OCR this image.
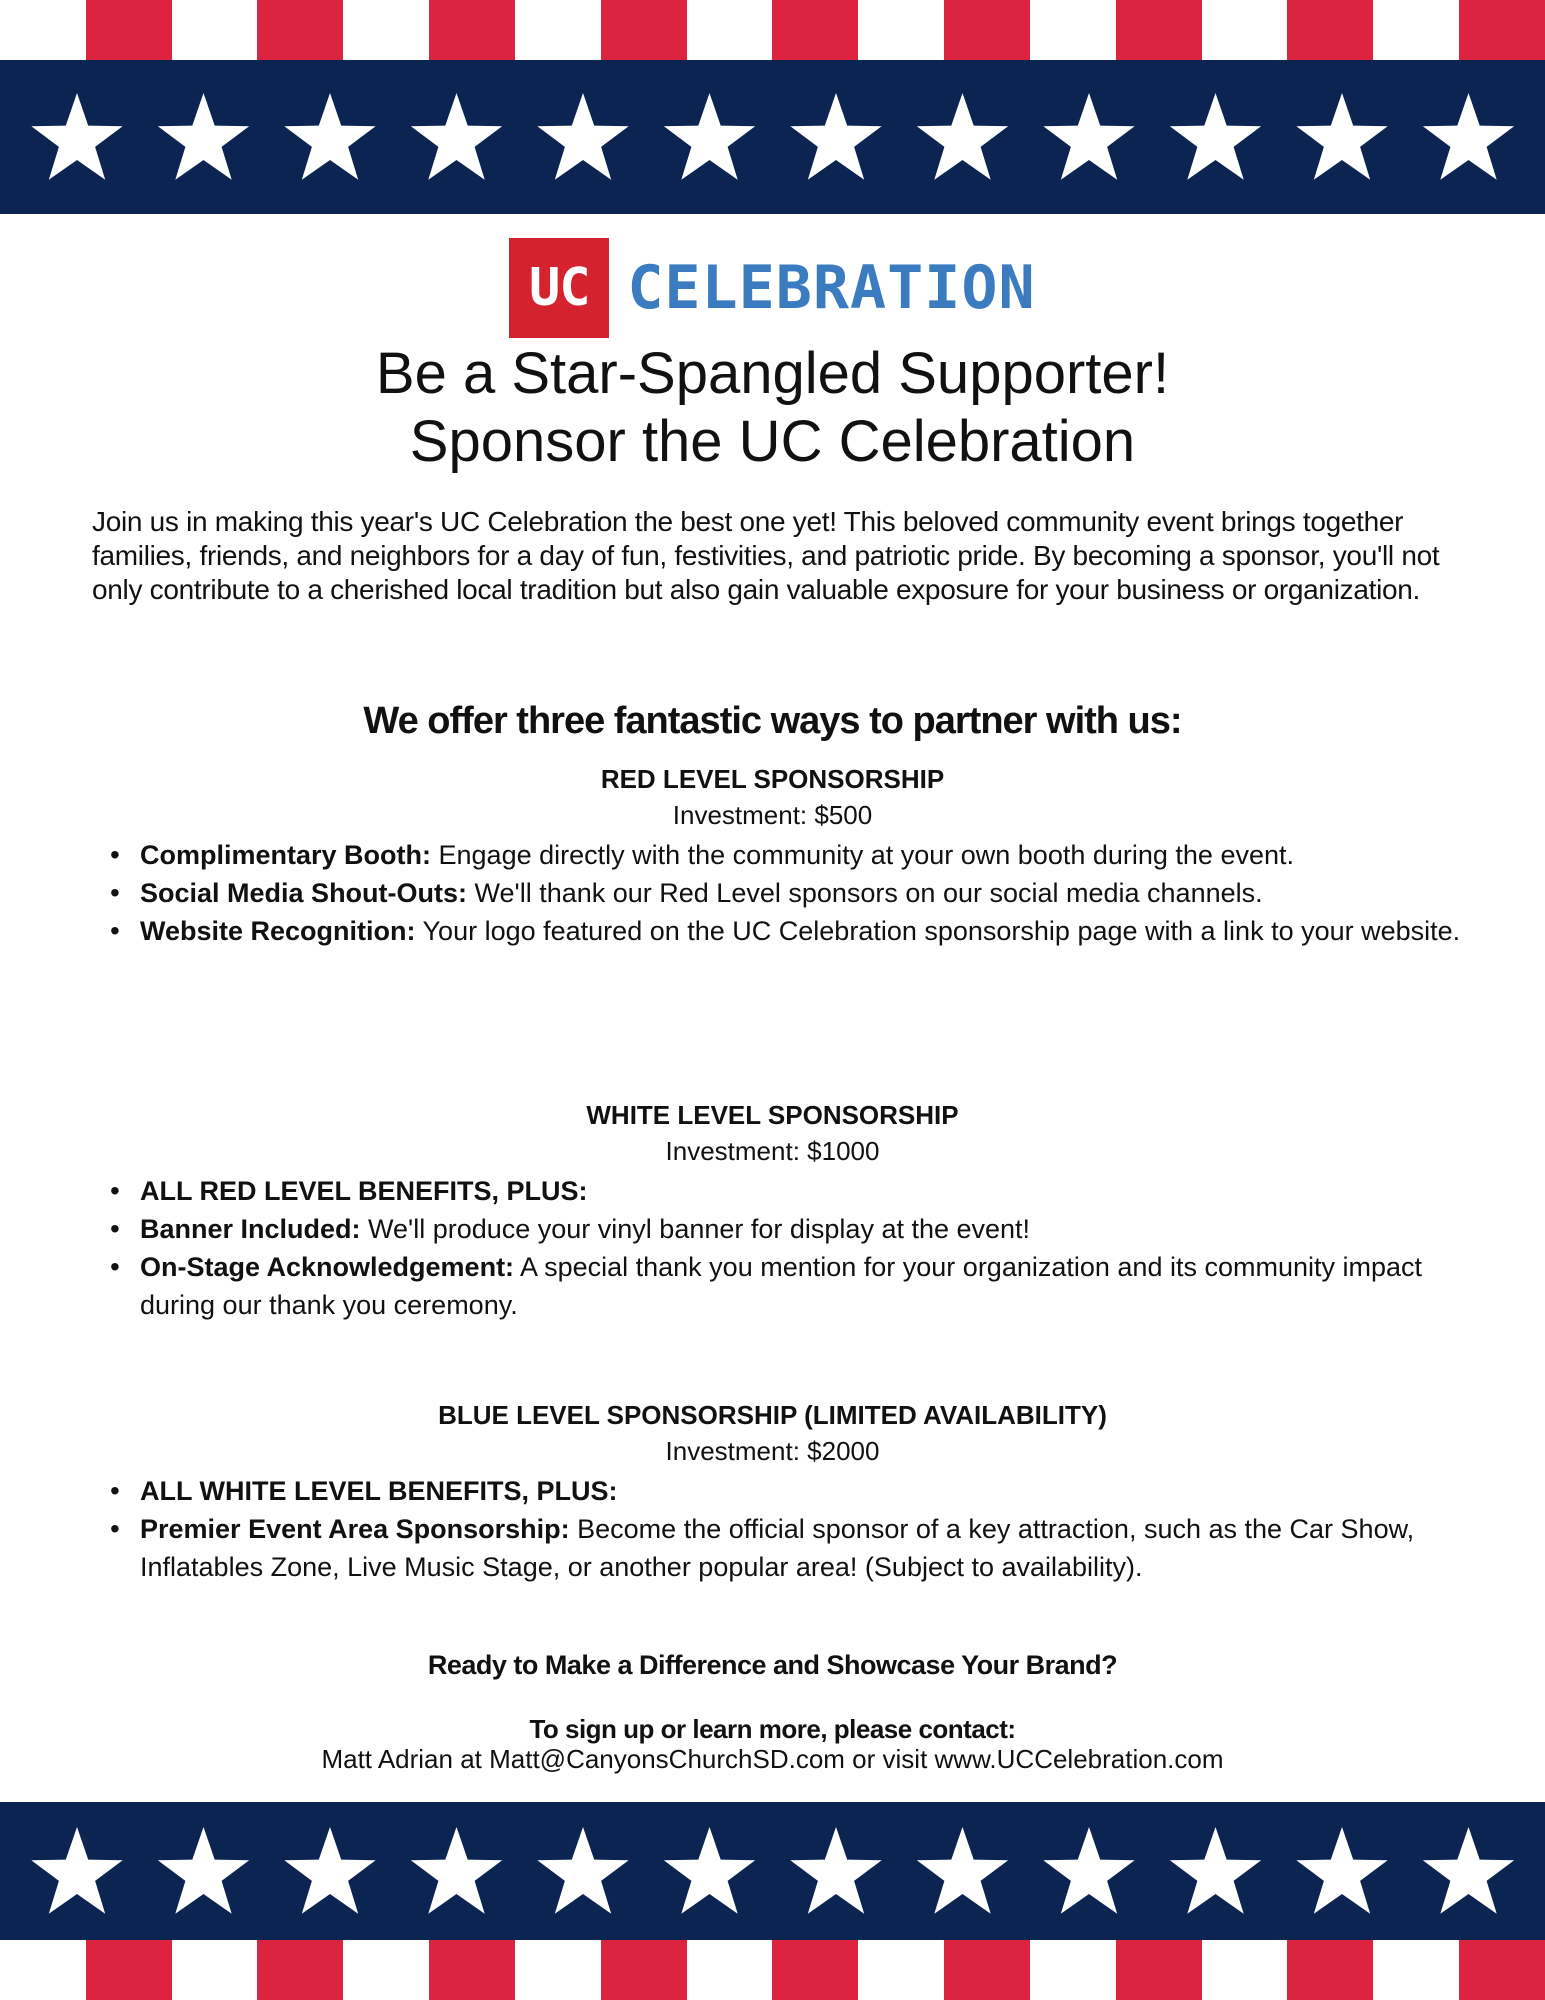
UC CELEBRATION
Be a Star-Spangled Supporter!
Sponsor the UC Celebration

Join us in making this year's UC Celebration the best one yet! This beloved community event brings together families, friends, and neighbors for a day of fun, festivities, and patriotic pride. By becoming a sponsor, you'll not only contribute to a cherished local tradition but also gain valuable exposure for your business or organization.

We offer three fantastic ways to partner with us:
RED LEVEL SPONSORSHIP
Investment: $500
• Complimentary Booth: Engage directly with the community at your own booth during the event.
• Social Media Shout-Outs: We'll thank our Red Level sponsors on our social media channels.
• Website Recognition: Your logo featured on the UC Celebration sponsorship page with a link to your website.
WHITE LEVEL SPONSORSHIP
Investment: $1000
• ALL RED LEVEL BENEFITS, PLUS:
• Banner Included: We'll produce your vinyl banner for display at the event!
• On-Stage Acknowledgement: A special thank you mention for your organization and its community impact during our thank you ceremony.
BLUE LEVEL SPONSORSHIP (LIMITED AVAILABILITY)
Investment: $2000
• ALL WHITE LEVEL BENEFITS, PLUS:
• Premier Event Area Sponsorship: Become the official sponsor of a key attraction, such as the Car Show, Inflatables Zone, Live Music Stage, or another popular area! (Subject to availability).
Ready to Make a Difference and Showcase Your Brand?
To sign up or learn more, please contact:
Matt Adrian at Matt@CanyonsChurchSD.com or visit www.UCCelebration.com
